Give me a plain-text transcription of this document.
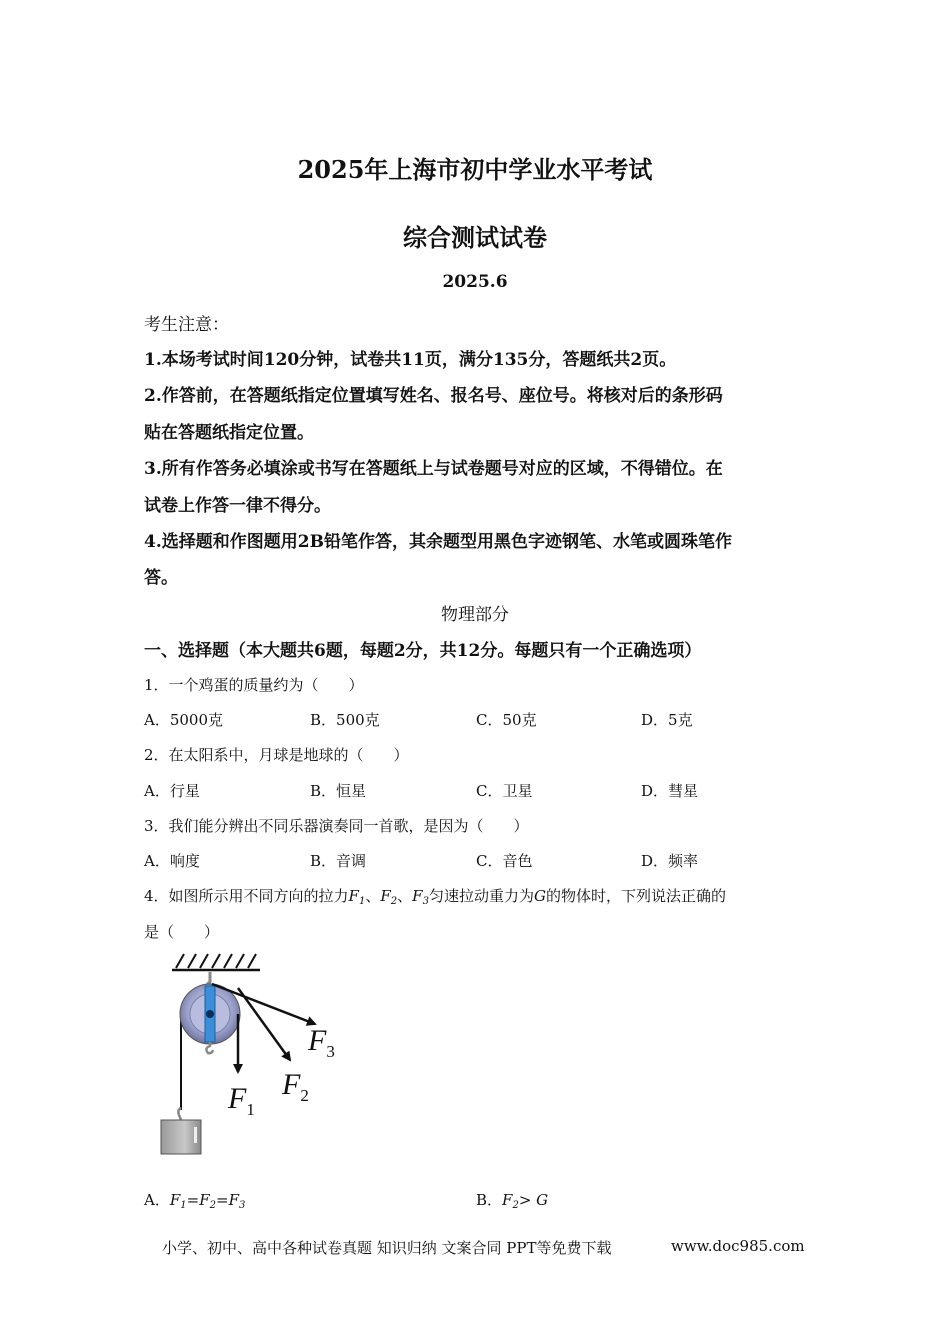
2025年上海市初中学业水平考试
综合测试试卷
2025.6
考生注意：
1.本场考试时间120分钟，试卷共11页，满分135分，答题纸共2页。
2.作答前，在答题纸指定位置填写姓名、报名号、座位号。将核对后的条形码
贴在答题纸指定位置。
3.所有作答务必填涂或书写在答题纸上与试卷题号对应的区域，不得错位。在
试卷上作答一律不得分。
4.选择题和作图题用2B铅笔作答，其余题型用黑色字迹钢笔、水笔或圆珠笔作
答。
物理部分
一、选择题（本大题共6题，每题2分，共12分。每题只有一个正确选项）
1．一个鸡蛋的质量约为（　　）
A．5000克	B．500克	C．50克	D．5克
2．在太阳系中，月球是地球的（　　）
A．行星	B．恒星	C．卫星	D．彗星
3．我们能分辨出不同乐器演奏同一首歌，是因为（　　）
A．响度	B．音调	C．音色	D．频率
4．如图所示用不同方向的拉力$F_1$、$F_2$、$F_3$匀速拉动重力为G的物体时，下列说法正确的
是（　　）
$F_1$
$F_2$
$F_3$
A．$F_1=F_2=F_3$	B．$F_2> G$
小学、初中、高中各种试卷真题 知识归纳 文案合同 PPT等免费下载	www.doc985.com
